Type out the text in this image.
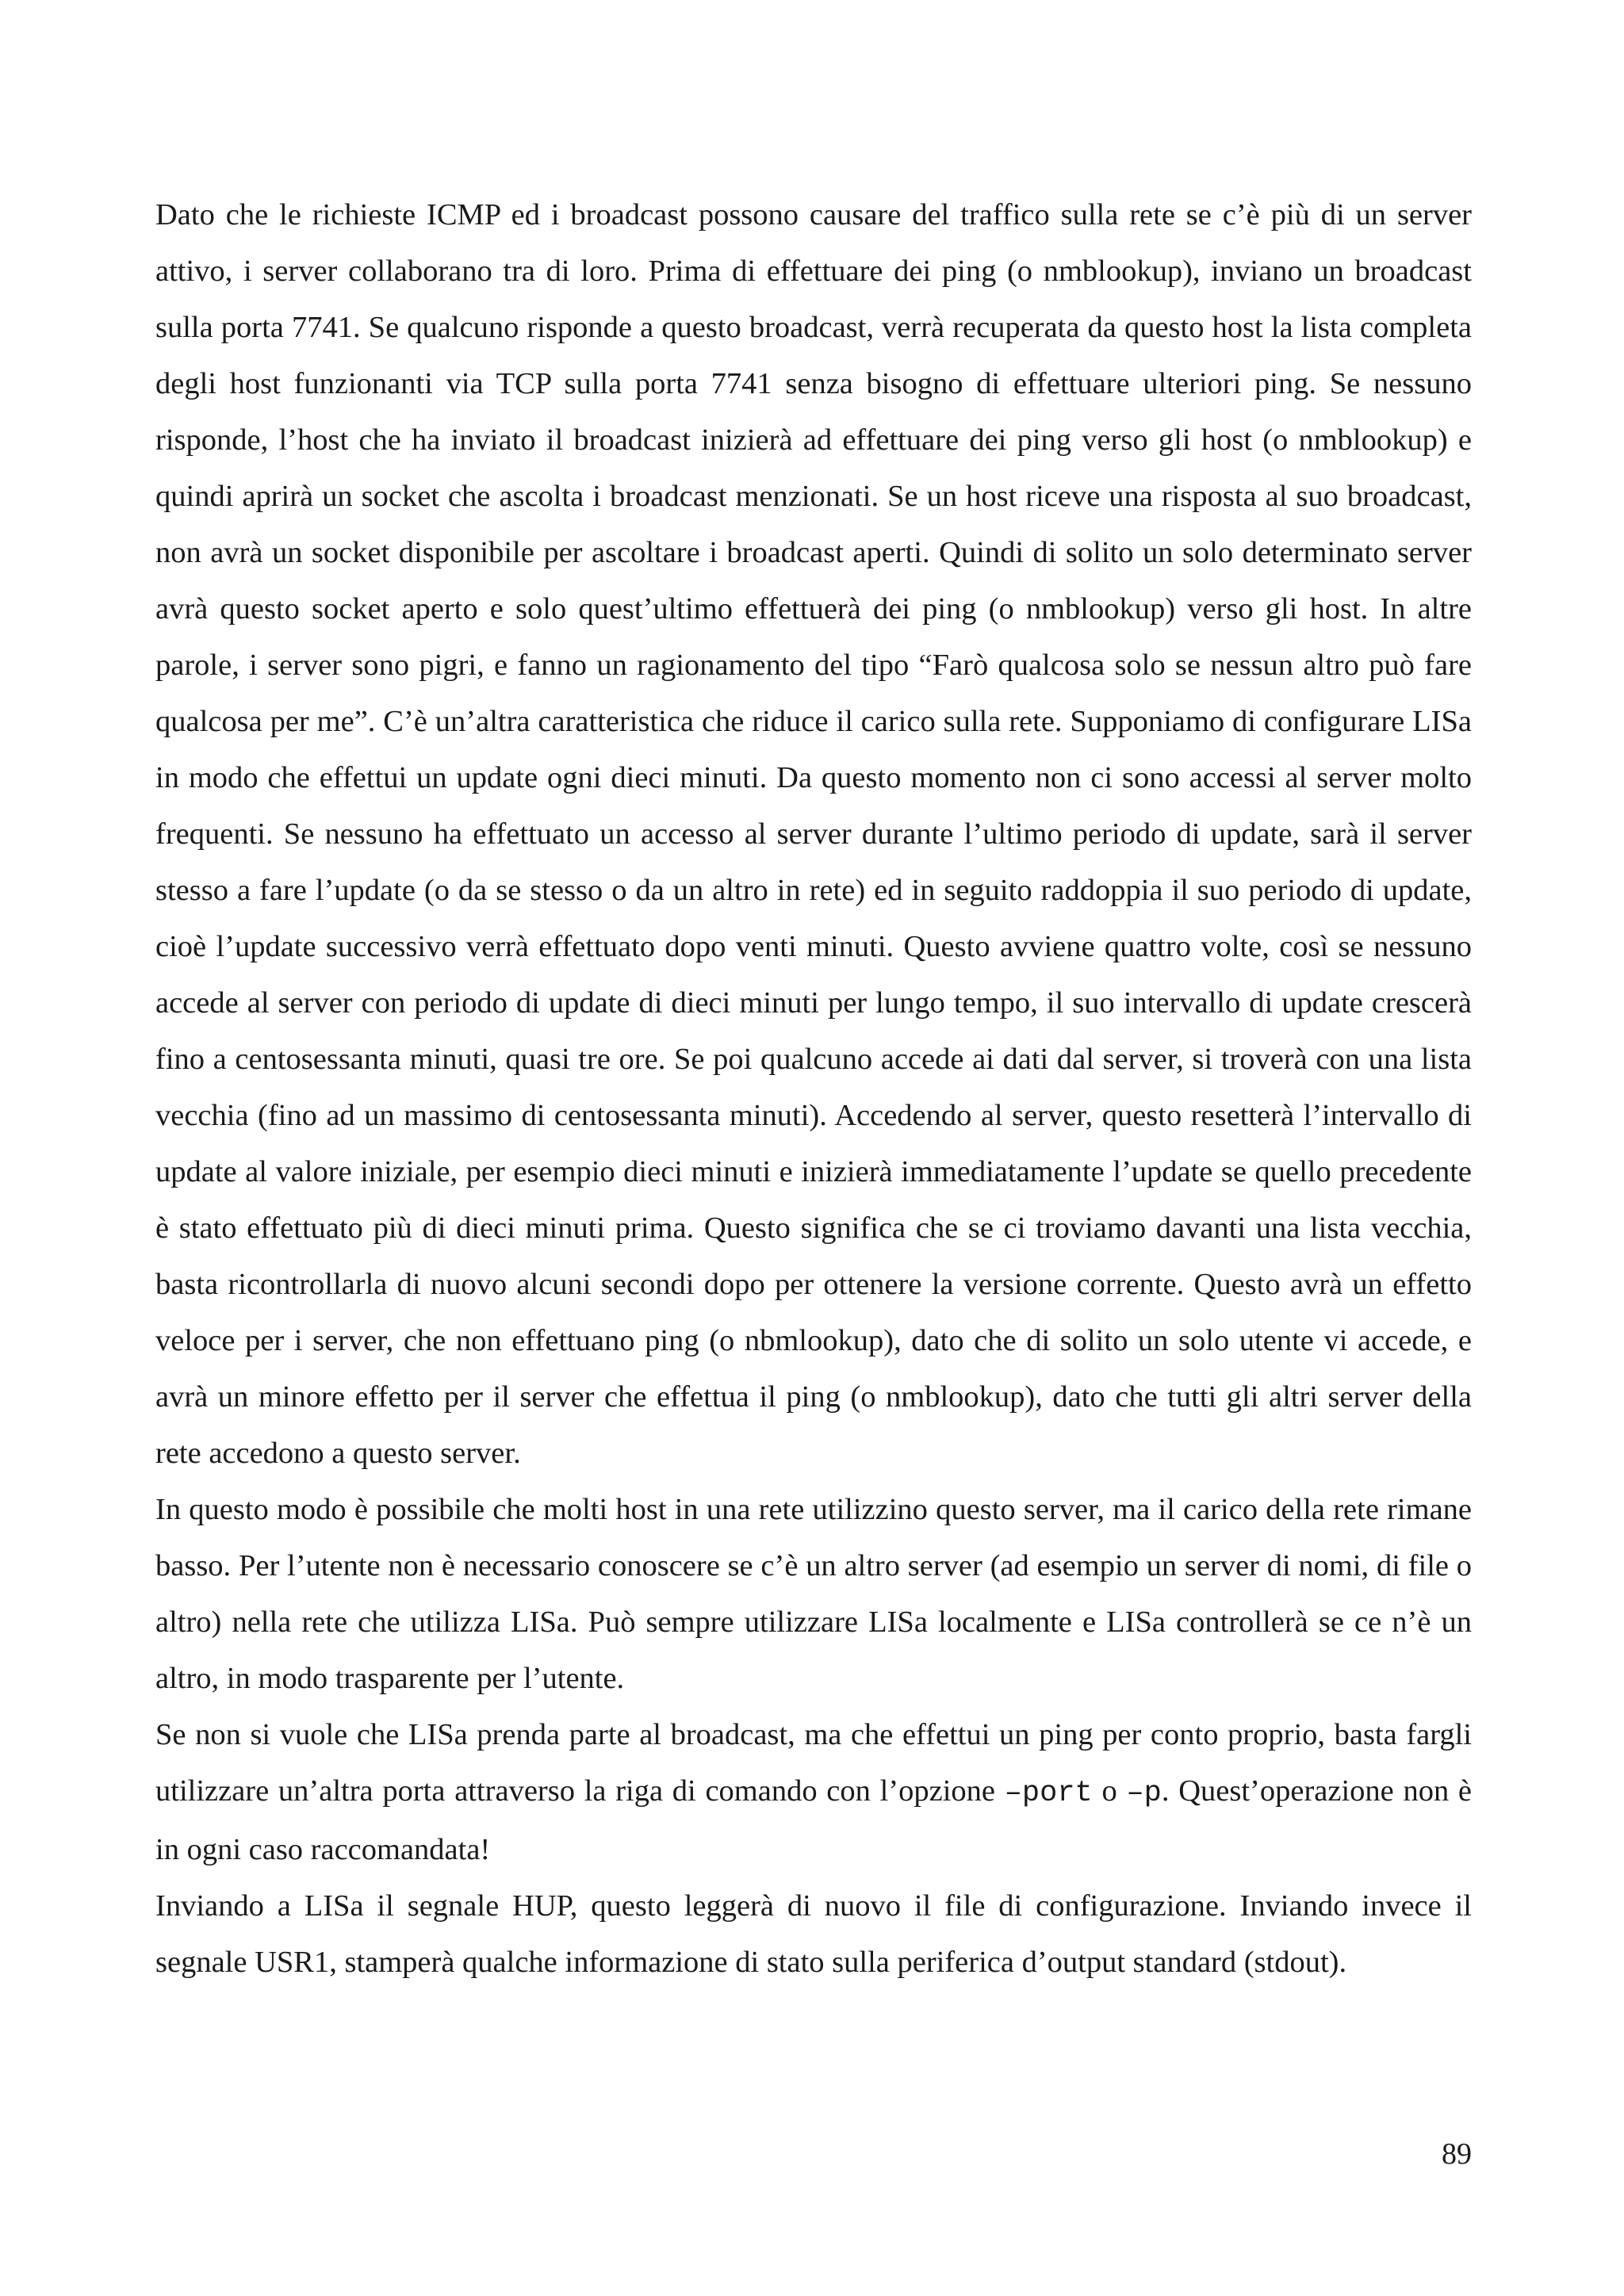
Dato che le richieste ICMP ed i broadcast possono causare del traffico sulla rete se c’è più di un server attivo, i server collaborano tra di loro. Prima di effettuare dei ping (o nmblookup), inviano un broadcast sulla porta 7741. Se qualcuno risponde a questo broadcast, verrà recuperata da questo host la lista completa degli host funzionanti via TCP sulla porta 7741 senza bisogno di effettuare ulteriori ping. Se nessuno risponde, l’host che ha inviato il broadcast inizierà ad effettuare dei ping verso gli host (o nmblookup) e quindi aprirà un socket che ascolta i broadcast menzionati. Se un host riceve una risposta al suo broadcast, non avrà un socket disponibile per ascoltare i broadcast aperti. Quindi di solito un solo determinato server avrà questo socket aperto e solo quest’ultimo effettuerà dei ping (o nmblookup) verso gli host. In altre parole, i server sono pigri, e fanno un ragionamento del tipo “Farò qualcosa solo se nessun altro può fare qualcosa per me”. C’è un’altra caratteristica che riduce il carico sulla rete. Supponiamo di configurare LISa in modo che effettui un update ogni dieci minuti. Da questo momento non ci sono accessi al server molto frequenti. Se nessuno ha effettuato un accesso al server durante l’ultimo periodo di update, sarà il server stesso a fare l’update (o da se stesso o da un altro in rete) ed in seguito raddoppia il suo periodo di update, cioè l’update successivo verrà effettuato dopo venti minuti. Questo avviene quattro volte, così se nessuno accede al server con periodo di update di dieci minuti per lungo tempo, il suo intervallo di update crescerà fino a centosessanta minuti, quasi tre ore. Se poi qualcuno accede ai dati dal server, si troverà con una lista vecchia (fino ad un massimo di centosessanta minuti). Accedendo al server, questo resetterà l’intervallo di update al valore iniziale, per esempio dieci minuti e inizierà immediatamente l’update se quello precedente è stato effettuato più di dieci minuti prima. Questo significa che se ci troviamo davanti una lista vecchia, basta ricontrollarla di nuovo alcuni secondi dopo per ottenere la versione corrente. Questo avrà un effetto veloce per i server, che non effettuano ping (o nbmlookup), dato che di solito un solo utente vi accede, e avrà un minore effetto per il server che effettua il ping (o nmblookup), dato che tutti gli altri server della rete accedono a questo server.

In questo modo è possibile che molti host in una rete utilizzino questo server, ma il carico della rete rimane basso. Per l’utente non è necessario conoscere se c’è un altro server (ad esempio un server di nomi, di file o altro) nella rete che utilizza LISa. Può sempre utilizzare LISa localmente e LISa controllerà se ce n’è un altro, in modo trasparente per l’utente.

Se non si vuole che LISa prenda parte al broadcast, ma che effettui un ping per conto proprio, basta fargli utilizzare un’altra porta attraverso la riga di comando con l’opzione –port o –p. Quest’operazione non è in ogni caso raccomandata!

Inviando a LISa il segnale HUP, questo leggerà di nuovo il file di configurazione. Inviando invece il segnale USR1, stamperà qualche informazione di stato sulla periferica d’output standard (stdout).

89
